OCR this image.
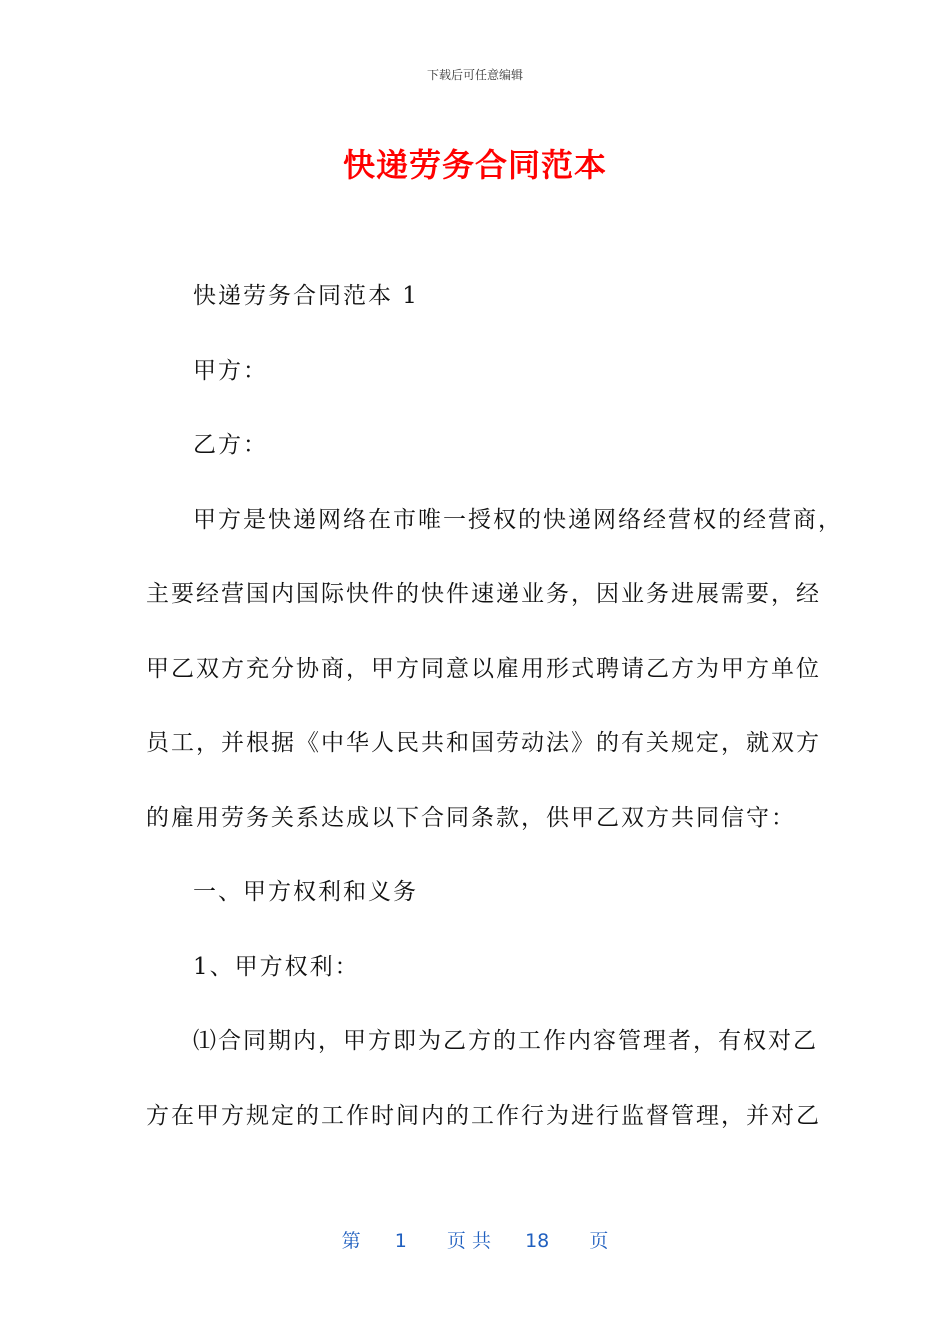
下载后可任意编辑
快递劳务合同范本

快递劳务合同范本 1

甲方：

乙方：

甲方是快递网络在市唯一授权的快递网络经营权的经营商，

主要经营国内国际快件的快件速递业务，因业务进展需要，经

甲乙双方充分协商，甲方同意以雇用形式聘请乙方为甲方单位

员工，并根据《中华人民共和国劳动法》的有关规定，就双方

的雇用劳务关系达成以下合同条款，供甲乙双方共同信守：

一、甲方权利和义务

1、甲方权利：

⑴合同期内，甲方即为乙方的工作内容管理者，有权对乙

方在甲方规定的工作时间内的工作行为进行监督管理，并对乙

第 1 页 共 18 页
